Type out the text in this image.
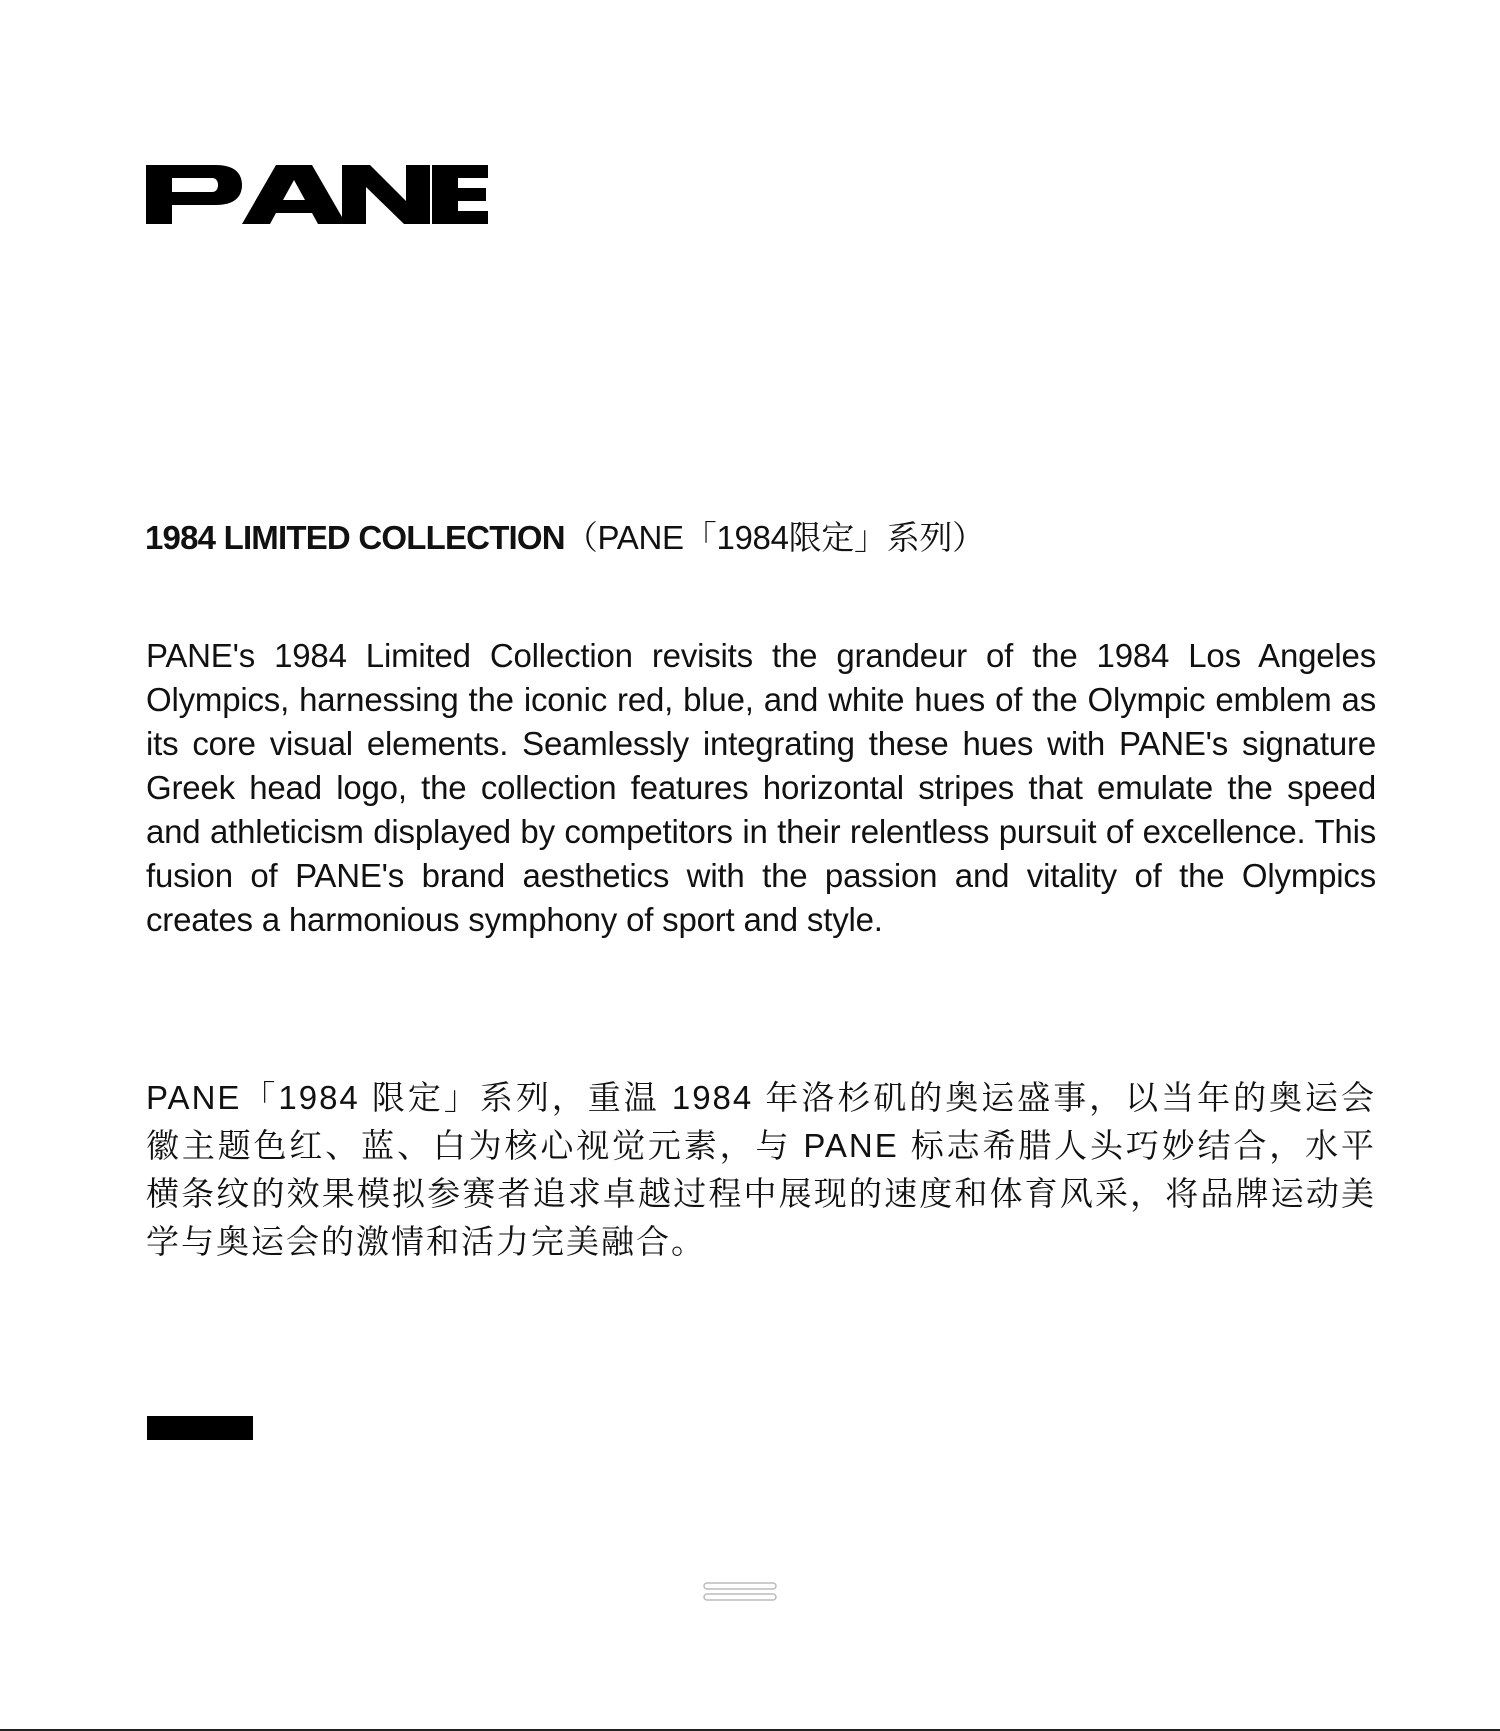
1984 LIMITED COLLECTION（PANE「1984限定」系列）

PANE's 1984 Limited Collection revisits the grandeur of the 1984 Los Angeles Olympics, harnessing the iconic red, blue, and white hues of the Olympic emblem as its core visual elements. Seamlessly integrating these hues with PANE's signature Greek head logo, the collection features horizontal stripes that emulate the speed and athleticism displayed by competitors in their relentless pursuit of excellence. This fusion of PANE's brand aesthetics with the passion and vitality of the Olympics creates a harmonious symphony of sport and style.

PANE「1984 限定」系列，重温 1984 年洛杉矶的奥运盛事，以当年的奥运会徽主题色红、蓝、白为核心视觉元素，与 PANE 标志希腊人头巧妙结合，水平横条纹的效果模拟参赛者追求卓越过程中展现的速度和体育风采，将品牌运动美学与奥运会的激情和活力完美融合。
